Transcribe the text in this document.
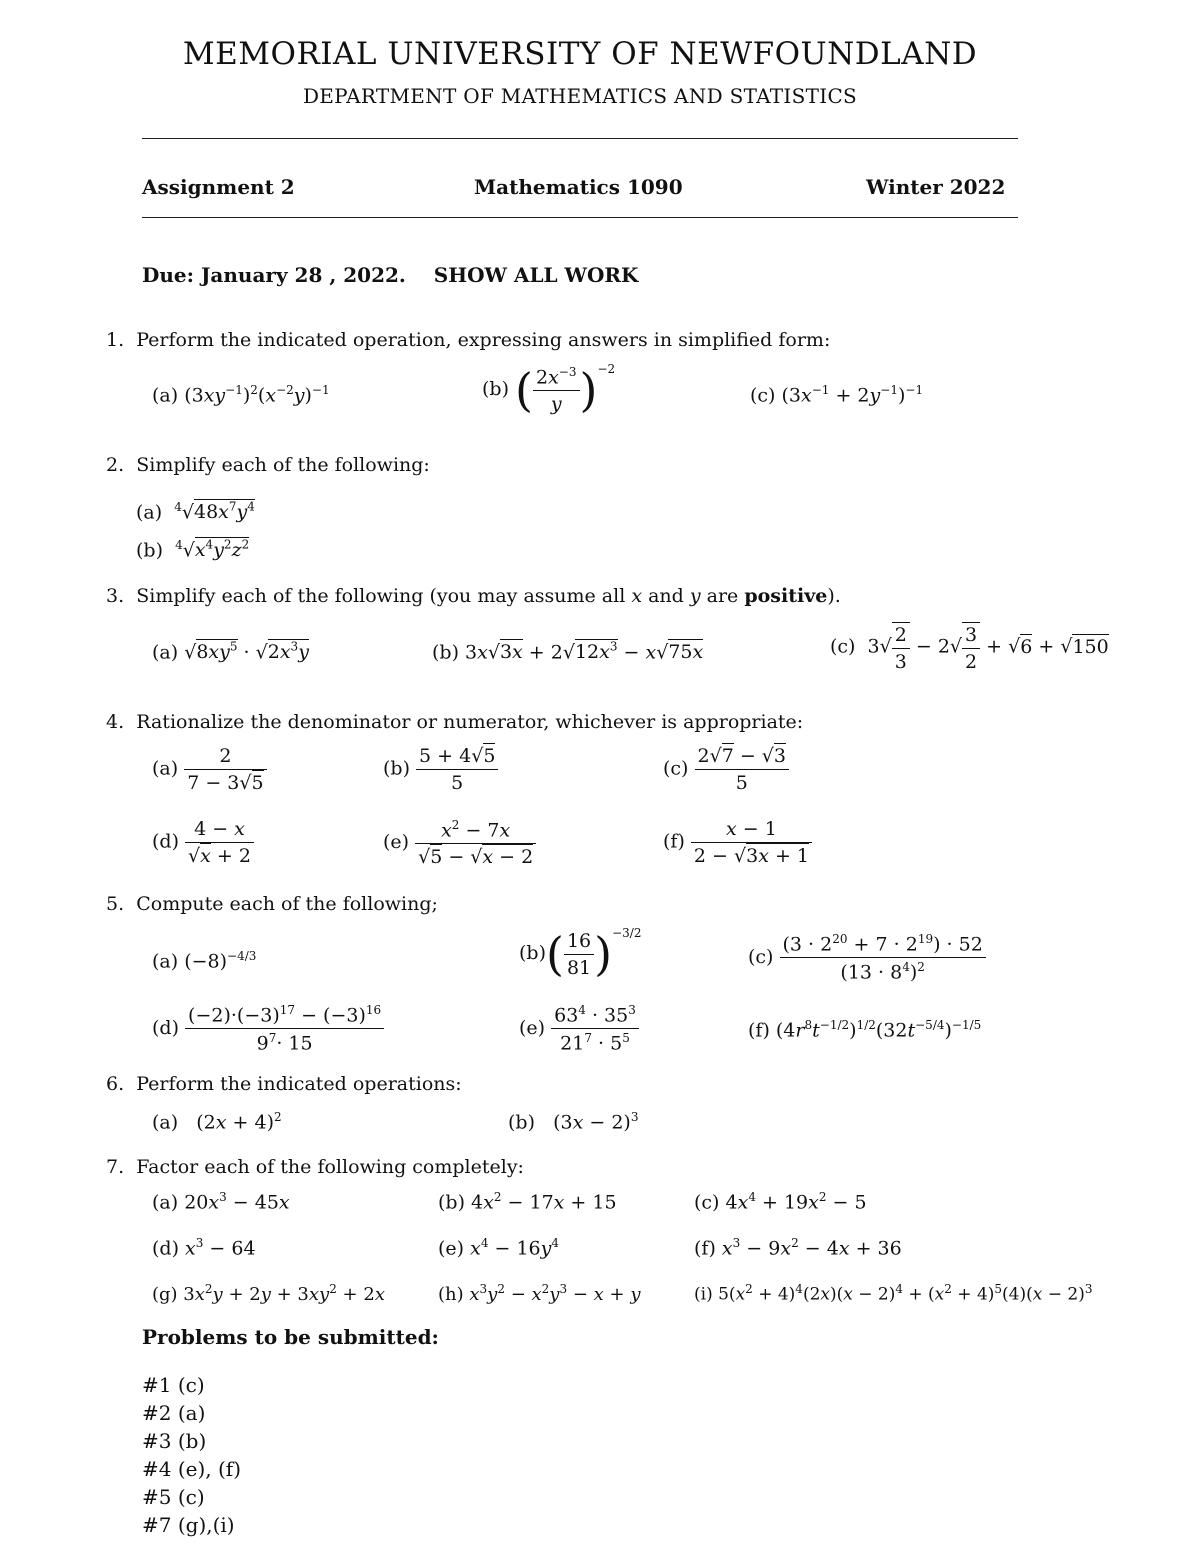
MEMORIAL UNIVERSITY OF NEWFOUNDLAND
DEPARTMENT OF MATHEMATICS AND STATISTICS
Assignment 2	Mathematics 1090	Winter 2022
Due: January 28 , 2022. SHOW ALL WORK
1. Perform the indicated operation, expressing answers in simplified form:
(a) $(3xy^{-1})^2(x^{-2}y)^{-1}$	(b) ( $\frac{2x^{-3}}{y} )^{-2}$
(c) $(3x^{-1} + 2y^{-1})^{-1}$
2. Simplify each of the following:
(a)  $^4√48x^7y^4$
(b)  $^4√x^4y^2z^2$
3. Simplify each of the following (you may assume all x and y are positive).
(a) $√8xy^5 \cdot √2x^3y$	(b) $3x√3x + 2√12x^3 - x√75x$	(c)  $3√ \frac{2}{3} - 2√ \frac{3}{2} + √6 + √150$
4. Rationalize the denominator or numerator, whichever is appropriate:
$(a) \frac{2}{7 - 3√5}$	$(b) \frac{5 + 4√5}{5}$	$(c) \frac{2√7 - √3}{5}$
$(d) \frac{4 - x}{√x + 2}$	$(e) \frac{x^2 - 7x}{√5 - √x - 2}$	$(f) \frac{x - 1}{2 - √3x + 1}$
5. Compute each of the following;
(a) $(-8)^{-4/3}$	$(b)( \frac{16}{81} )^{-3/2}$
$(c) \frac{(3 \cdot 2^{20} + 7 \cdot 2^{19}) \cdot 52}{(13 \cdot 8^4)^2}$
$(d) \frac{(-2)\cdot(-3)^{17} - (-3)^{16}}{9^7\cdot 15}$	$(e) \frac{63^4 \cdot 35^3}{21^7 \cdot 5^5}$	(f) $(4r^8t^{-1/2})^{1/2}(32t^{-5/4})^{-1/5}$
6. Perform the indicated operations:
(a)   $(2x + 4)^2$	(b)   $(3x - 2)^3$
7. Factor each of the following completely:
(a) $20x^3 - 45x$	(b) $4x^2 - 17x + 15$	(c) $4x^4 + 19x^2 - 5$
(d) $x^3 - 64$	(e) $x^4 - 16y^4$	(f) $x^3 - 9x^2 - 4x + 36$
(g) $3x^2y + 2y + 3xy^2 + 2x$	(h) $x^3y^2 - x^2y^3 - x + y$	(i) $5(x^2 + 4)^4(2x)(x - 2)^4 + (x^2 + 4)^5(4)(x - 2)^3$
Problems to be submitted:
#1 (c)
#2 (a)
#3 (b)
#4 (e), (f)
#5 (c)
#7 (g),(i)
